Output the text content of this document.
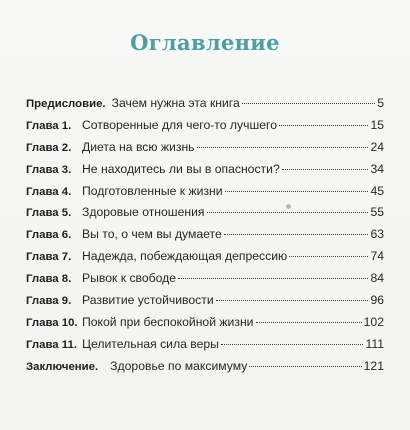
Оглавление
Предисловие. Зачем нужна эта книга	5
Глава 1. Сотворенные для чего-то лучшего	15
Глава 2. Диета на всю жизнь	24
Глава 3. Не находитесь ли вы в опасности?	34
Глава 4. Подготовленные к жизни	45
Глава 5. Здоровые отношения	55
Глава 6. Вы то, о чем вы думаете	63
Глава 7. Надежда, побеждающая депрессию	74
Глава 8. Рывок к свободе	84
Глава 9. Развитие устойчивости	96
Глава 10. Покой при беспокойной жизни	102
Глава 11. Целительная сила веры	111
Заключение. Здоровье по максимуму	121
